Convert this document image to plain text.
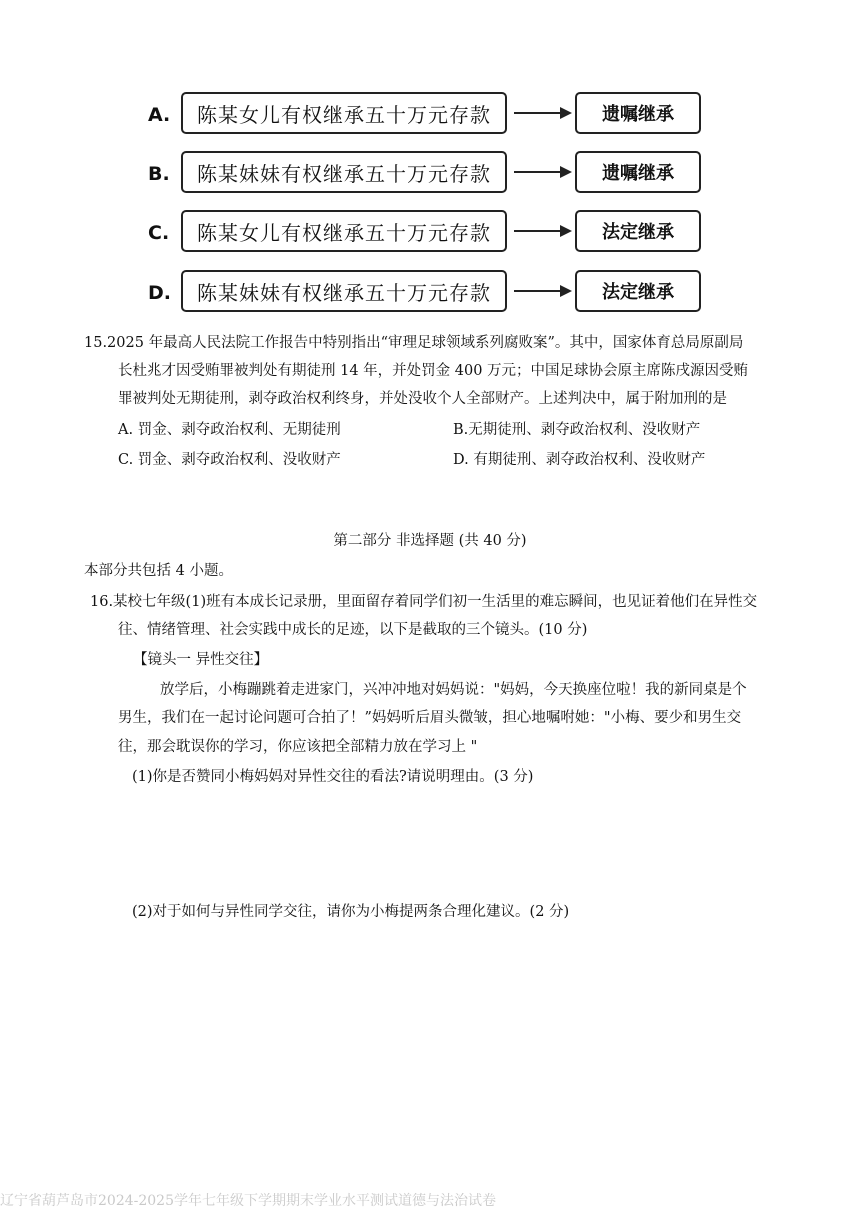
A.	陈某女儿有权继承五十万元存款	遗嘱继承
B.	陈某妹妹有权继承五十万元存款	遗嘱继承
C.	陈某女儿有权继承五十万元存款	法定继承
D.	陈某妹妹有权继承五十万元存款	法定继承
15.2025 年最高人民法院工作报告中特别指出“审理足球领域系列腐败案”。其中，国家体育总局原副局
长杜兆才因受贿罪被判处有期徒刑 14 年，并处罚金 400 万元；中国足球协会原主席陈戌源因受贿
罪被判处无期徒刑，剥夺政治权利终身，并处没收个人全部财产。上述判决中，属于附加刑的是
A. 罚金、剥夺政治权利、无期徒刑	B.无期徒刑、剥夺政治权利、没收财产
C. 罚金、剥夺政治权利、没收财产	D. 有期徒刑、剥夺政治权利、没收财产
第二部分 非选择题 (共 40 分)
本部分共包括 4 小题。
16.某校七年级(1)班有本成长记录册，里面留存着同学们初一生活里的难忘瞬间，也见证着他们在异性交
往、情绪管理、社会实践中成长的足迹，以下是截取的三个镜头。(10 分)
【镜头一 异性交往】
放学后，小梅蹦跳着走进家门，兴冲冲地对妈妈说："妈妈，今天换座位啦！我的新同桌是个
男生，我们在一起讨论问题可合拍了！”妈妈听后眉头微皱，担心地嘱咐她："小梅、要少和男生交
往，那会耽误你的学习，你应该把全部精力放在学习上 "
(1)你是否赞同小梅妈妈对异性交往的看法?请说明理由。(3 分)
(2)对于如何与异性同学交往，请你为小梅提两条合理化建议。(2 分)
辽宁省葫芦岛市2024-2025学年七年级下学期期末学业水平测试道德与法治试卷
